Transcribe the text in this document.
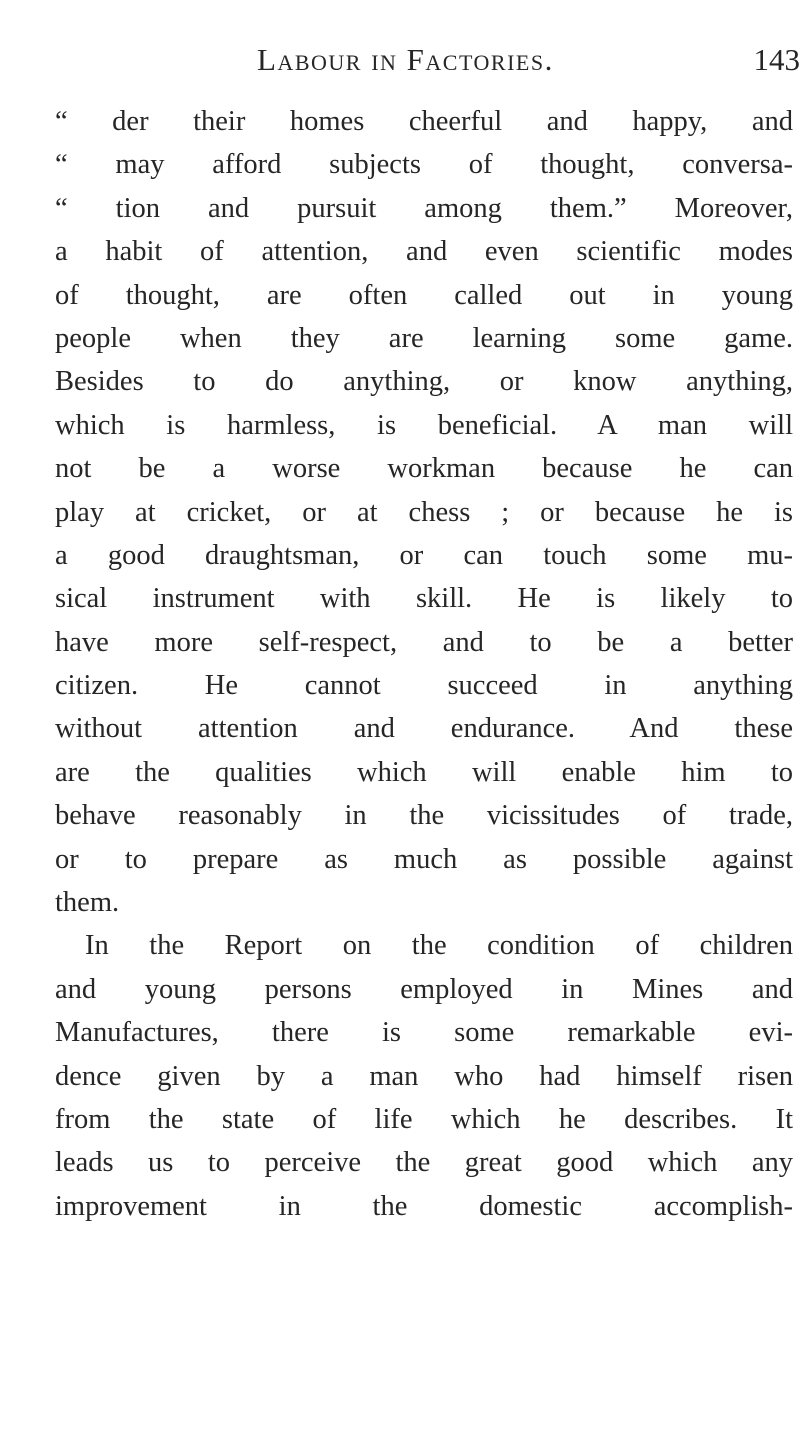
Labour in Factories.	143
“ der their homes cheerful and happy, and
“ may afford subjects of thought, conversa-
“ tion and pursuit among them.” Moreover,
a habit of attention, and even scientific modes
of thought, are often called out in young
people when they are learning some game.
Besides to do anything, or know anything,
which is harmless, is beneficial. A man will
not be a worse workman because he can
play at cricket, or at chess ; or because he is
a good draughtsman, or can touch some mu-
sical instrument with skill. He is likely to
have more self-respect, and to be a better
citizen. He cannot succeed in anything
without attention and endurance. And these
are the qualities which will enable him to
behave reasonably in the vicissitudes of trade,
or to prepare as much as possible against
them.
In the Report on the condition of children
and young persons employed in Mines and
Manufactures, there is some remarkable evi-
dence given by a man who had himself risen
from the state of life which he describes. It
leads us to perceive the great good which any
improvement in the domestic accomplish-
